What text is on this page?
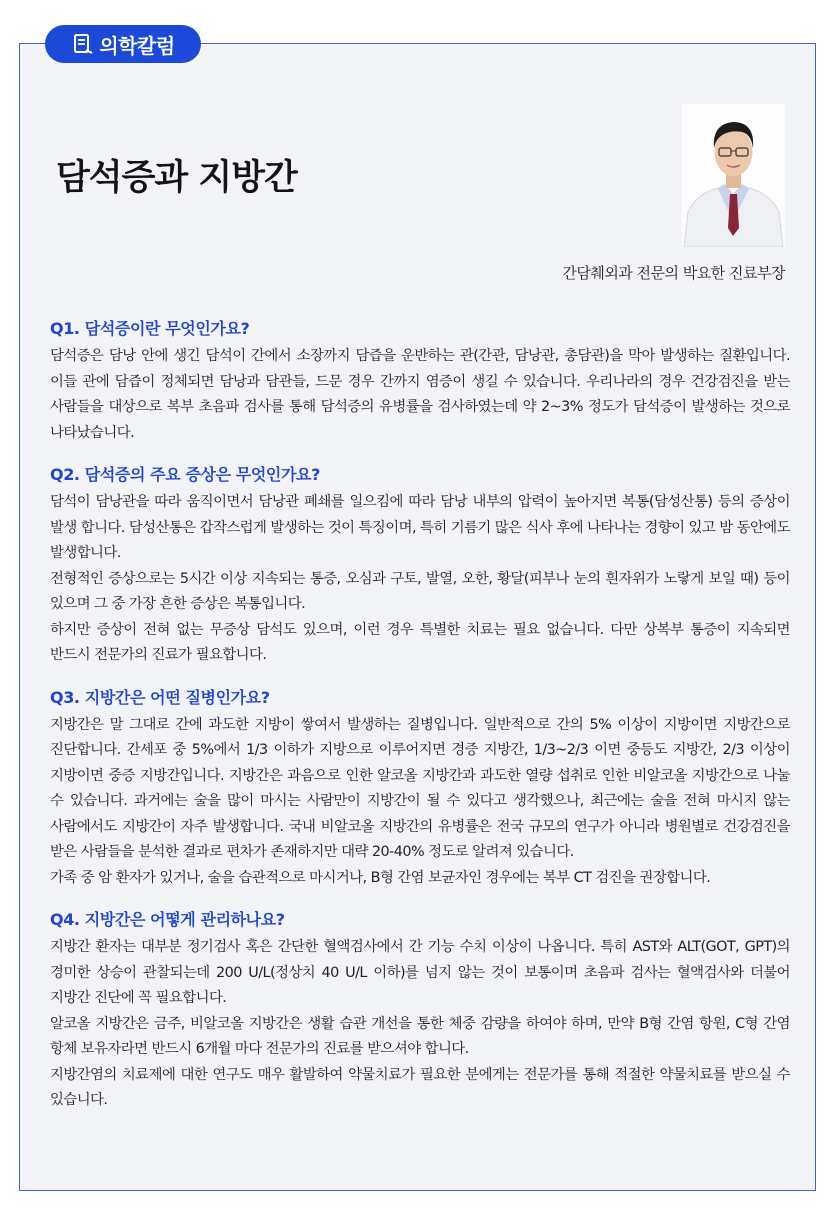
의학칼럼
담석증과 지방간
간담췌외과 전문의 박요한 진료부장

Q1. 담석증이란 무엇인가요?

담석증은 담낭 안에 생긴 담석이 간에서 소장까지 담즙을 운반하는 관(간관, 담낭관, 총담관)을 막아 발생하는 질환입니다. 이들 관에 담즙이 정체되면 담낭과 담관들, 드문 경우 간까지 염증이 생길 수 있습니다. 우리나라의 경우 건강검진을 받는 사람들을 대상으로 복부 초음파 검사를 통해 담석증의 유병률을 검사하였는데 약 2~3% 정도가 담석증이 발생하는 것으로 나타났습니다.

Q2. 담석증의 주요 증상은 무엇인가요?

담석이 담낭관을 따라 움직이면서 담낭관 폐쇄를 일으킴에 따라 담낭 내부의 압력이 높아지면 복통(담성산통) 등의 증상이 발생 합니다. 담성산통은 갑작스럽게 발생하는 것이 특징이며, 특히 기름기 많은 식사 후에 나타나는 경향이 있고 밤 동안에도 발생합니다.

전형적인 증상으로는 5시간 이상 지속되는 통증, 오심과 구토, 발열, 오한, 황달(피부나 눈의 흰자위가 노랗게 보일 때) 등이 있으며 그 중 가장 흔한 증상은 복통입니다.

하지만 증상이 전혀 없는 무증상 담석도 있으며, 이런 경우 특별한 치료는 필요 없습니다. 다만 상복부 통증이 지속되면 반드시 전문가의 진료가 필요합니다.

Q3. 지방간은 어떤 질병인가요?

지방간은 말 그대로 간에 과도한 지방이 쌓여서 발생하는 질병입니다. 일반적으로 간의 5% 이상이 지방이면 지방간으로 진단합니다. 간세포 중 5%에서 1/3 이하가 지방으로 이루어지면 경증 지방간, 1/3~2/3 이면 중등도 지방간, 2/3 이상이 지방이면 중증 지방간입니다. 지방간은 과음으로 인한 알코올 지방간과 과도한 열량 섭취로 인한 비알코올 지방간으로 나눌 수 있습니다. 과거에는 술을 많이 마시는 사람만이 지방간이 될 수 있다고 생각했으나, 최근에는 술을 전혀 마시지 않는 사람에서도 지방간이 자주 발생합니다. 국내 비알코올 지방간의 유병률은 전국 규모의 연구가 아니라 병원별로 건강검진을 받은 사람들을 분석한 결과로 편차가 존재하지만 대략 20-40% 정도로 알려져 있습니다.

가족 중 암 환자가 있거나, 술을 습관적으로 마시거나, B형 간염 보균자인 경우에는 복부 CT 검진을 권장합니다.

Q4. 지방간은 어떻게 관리하나요?

지방간 환자는 대부분 정기검사 혹은 간단한 혈액검사에서 간 기능 수치 이상이 나옵니다. 특히 AST와 ALT(GOT, GPT)의 경미한 상승이 관찰되는데 200 U/L(정상치 40 U/L 이하)를 넘지 않는 것이 보통이며 초음파 검사는 혈액검사와 더불어 지방간 진단에 꼭 필요합니다.

알코올 지방간은 금주, 비알코올 지방간은 생활 습관 개선을 통한 체중 감량을 하여야 하며, 만약 B형 간염 항원, C형 간염 항체 보유자라면 반드시 6개월 마다 전문가의 진료를 받으셔야 합니다.

지방간염의 치료제에 대한 연구도 매우 활발하여 약물치료가 필요한 분에게는 전문가를 통해 적절한 약물치료를 받으실 수 있습니다.
